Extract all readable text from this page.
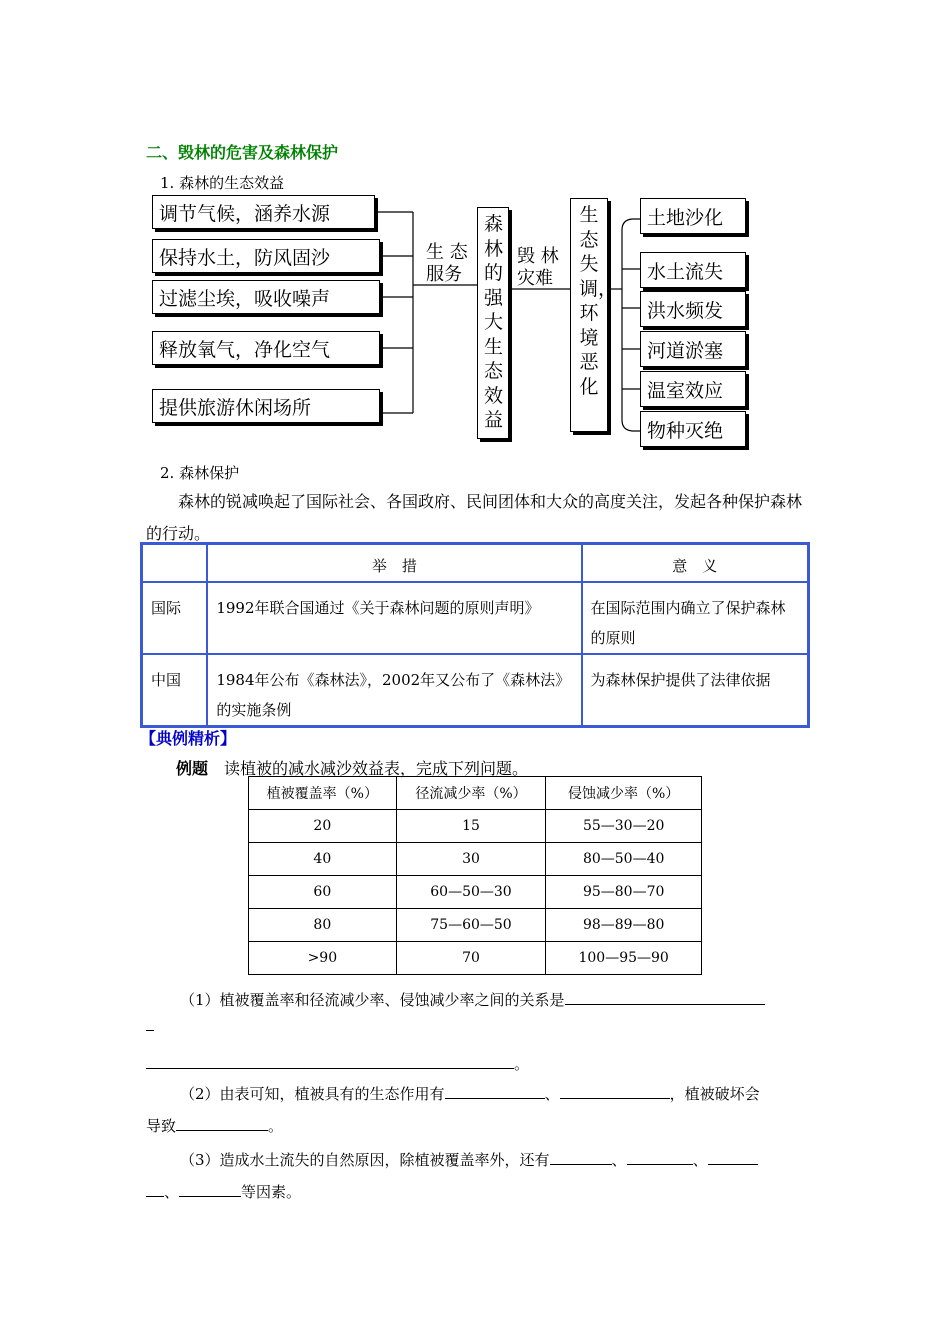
二、毁林的危害及森林保护
1. 森林的生态效益
调节气候，涵养水源
保持水土，防风固沙
过滤尘埃，吸收噪声
释放氧气，净化空气
提供旅游休闲场所
生 态
服务
森林的强大生态效益
毁 林
灾难
生态失调，环境恶化
土地沙化
水土流失
洪水频发
河道淤塞
温室效应
物种灭绝
2. 森林保护
森林的锐减唤起了国际社会、各国政府、民间团体和大众的高度关注，发起各种保护森林的行动。
	举　措	意　义
国际	1992年联合国通过《关于森林问题的原则声明》	在国际范围内确立了保护森林的原则
中国	1984年公布《森林法》，2002年又公布了《森林法》的实施条例	为森林保护提供了法律依据
【典例精析】
例题 读植被的减水减沙效益表，完成下列问题。
植被覆盖率（%）	径流减少率（%）	侵蚀减少率（%）
20	15	55—30—20
40	30	80—50—40
60	60—50—30	95—80—70
80	75—60—50	98—89—80
>90	70	100—95—90
（1）植被覆盖率和径流减少率、侵蚀减少率之间的关系是
。
（2）由表可知，植被具有的生态作用有	、	，植被破坏会
导致	。
（3）造成水土流失的自然原因，除植被覆盖率外，还有	、	、
、	等因素。
